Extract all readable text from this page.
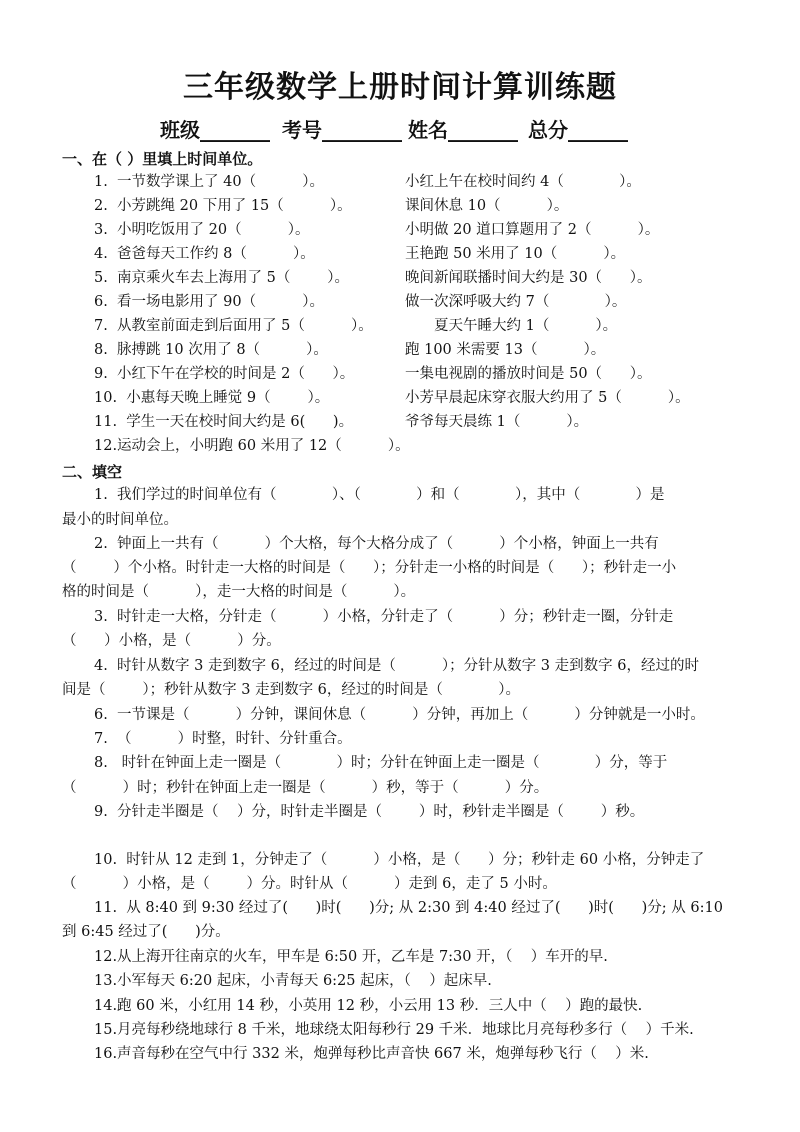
三年级数学上册时间计算训练题
班级_______ 考号________ 姓名_______ 总分______
一、在（ ）里填上时间单位。
1.  一节数学课上了 40（          ）。
2.  小芳跳绳 20 下用了 15（          ）。
3.  小明吃饭用了 20（          ）。
4.  爸爸每天工作约 8（          ）。
5.  南京乘火车去上海用了 5（        ）。
6.  看一场电影用了 90（          ）。
7.  从教室前面走到后面用了 5（          ）。
8.  脉搏跳 10 次用了 8（          ）。
9.  小红下午在学校的时间是 2（      ）。
10.  小惠每天晚上睡觉 9（        ）。
11.  学生一天在校时间大约是 6(      )。
12.运动会上，小明跑 60 米用了 12（          ）。
小红上午在校时间约 4（            ）。
课间休息 10（          ）。
小明做 20 道口算题用了 2（          ）。
王艳跑 50 米用了 10（          ）。
晚间新闻联播时间大约是 30（      ）。
做一次深呼吸大约 7（            ）。
夏天午睡大约 1（          ）。
跑 100 米需要 13（          ）。
一集电视剧的播放时间是 50（      ）。
小芳早晨起床穿衣服大约用了 5（          ）。
爷爷每天晨练 1（          ）。
二、填空
1.  我们学过的时间单位有（            ）、（            ）和（            ），其中（            ）是
最小的时间单位。
2.  钟面上一共有（          ）个大格，每个大格分成了（          ）个小格，钟面上一共有
（        ）个小格。时针走一大格的时间是（      ）；分针走一小格的时间是（      ）；秒针走一小
格的时间是（          ），走一大格的时间是（          ）。
3.  时针走一大格，分针走（          ）小格，分针走了（          ）分；秒针走一圈，分针走
（      ）小格，是（          ）分。
4.  时针从数字 3 走到数字 6，经过的时间是（          ）；分针从数字 3 走到数字 6，经过的时
间是（        ）；秒针从数字 3 走到数字 6，经过的时间是（            ）。
6.  一节课是（          ）分钟，课间休息（          ）分钟，再加上（          ）分钟就是一小时。
7.  （          ）时整，时针、分针重合。
8.   时针在钟面上走一圈是（            ）时；分针在钟面上走一圈是（            ）分，等于
（          ）时；秒针在钟面上走一圈是（          ）秒，等于（          ）分。
9.  分针走半圈是（    ）分，时针走半圈是（        ）时，秒针走半圈是（        ）秒。
10.  时针从 12 走到 1，分钟走了（          ）小格，是（      ）分；秒针走 60 小格，分钟走了
（          ）小格，是（        ）分。时针从（          ）走到 6，走了 5 小时。
11.  从 8:40 到 9:30 经过了(      )时(      )分; 从 2:30 到 4:40 经过了(      )时(      )分; 从 6:10
到 6:45 经过了(      )分。
12.从上海开往南京的火车，甲车是 6:50 开，乙车是 7:30 开，（    ）车开的早.
13.小军每天 6:20 起床，小青每天 6:25 起床，（    ）起床早.
14.跑 60 米，小红用 14 秒，小英用 12 秒，小云用 13 秒．三人中（    ）跑的最快.
15.月亮每秒绕地球行 8 千米，地球绕太阳每秒行 29 千米．地球比月亮每秒多行（    ）千米.
16.声音每秒在空气中行 332 米，炮弹每秒比声音快 667 米，炮弹每秒飞行（    ）米.
